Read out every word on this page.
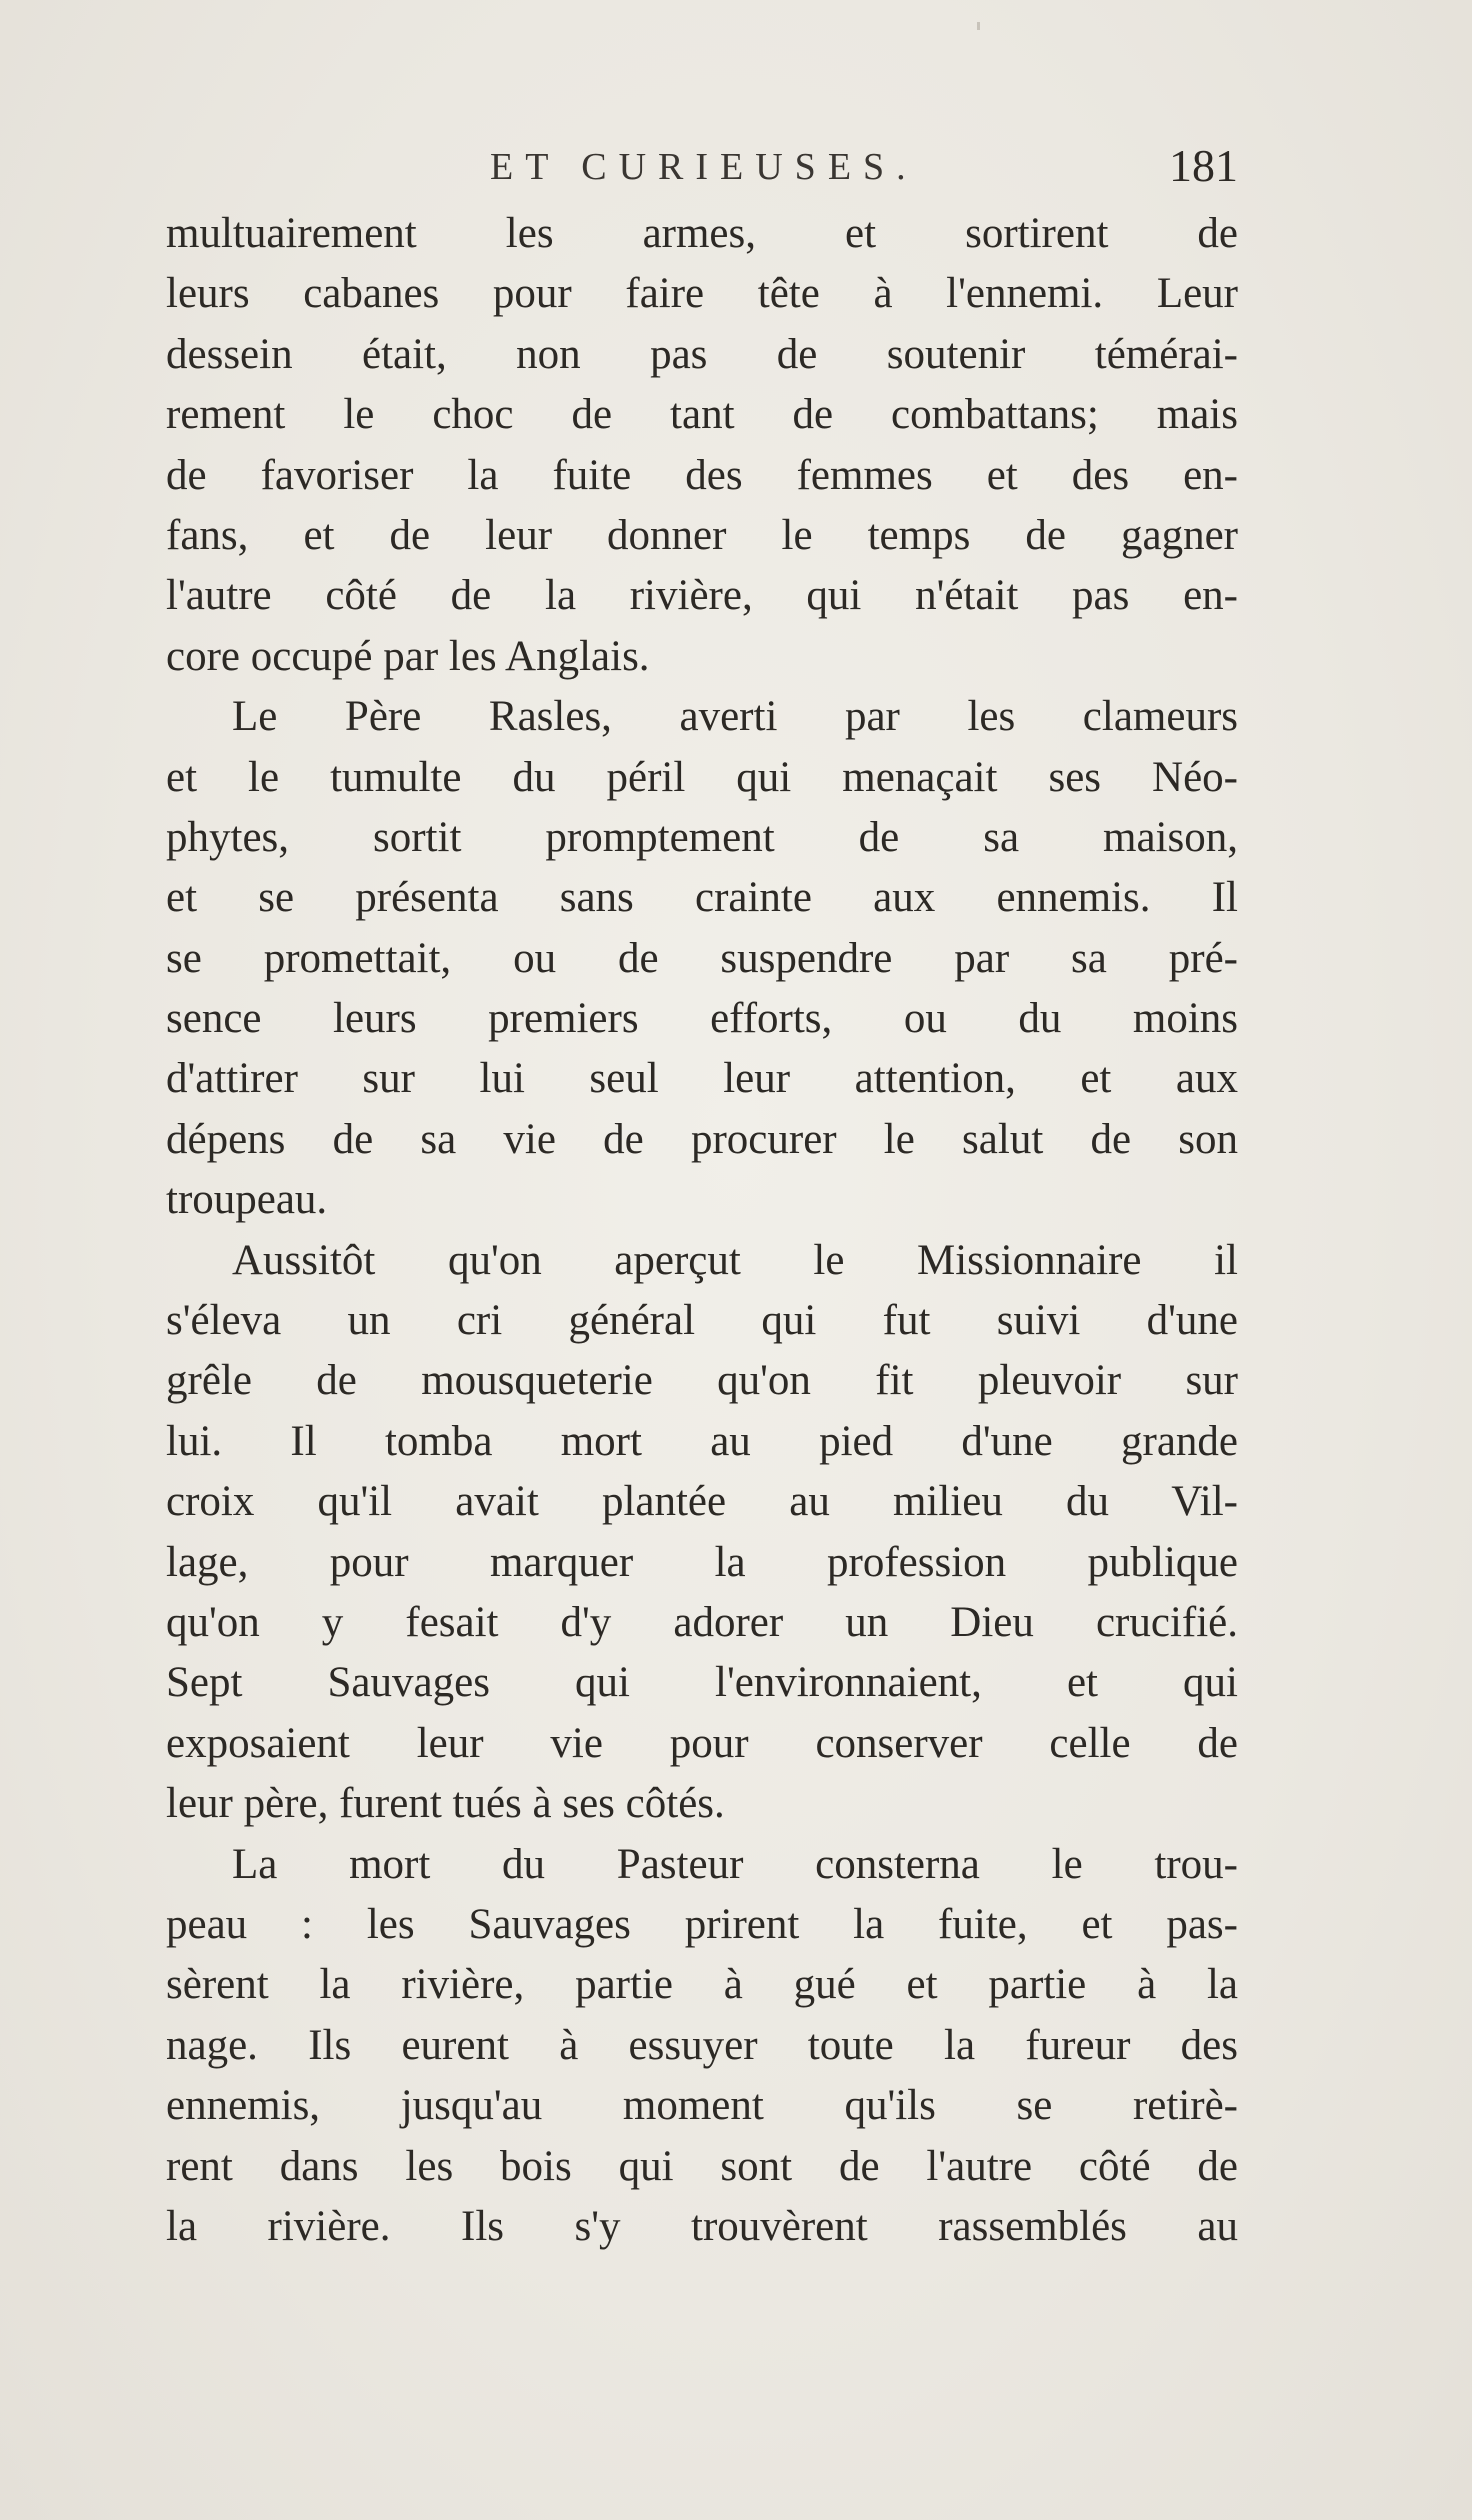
ET CURIEUSES.	181
multuairement les armes, et sortirent de
leurs cabanes pour faire tête à l'ennemi. Leur
dessein était, non pas de soutenir témérai-
rement le choc de tant de combattans; mais
de favoriser la fuite des femmes et des en-
fans, et de leur donner le temps de gagner
l'autre côté de la rivière, qui n'était pas en-
core occupé par les Anglais.
Le Père Rasles, averti par les clameurs
et le tumulte du péril qui menaçait ses Néo-
phytes, sortit promptement de sa maison,
et se présenta sans crainte aux ennemis. Il
se promettait, ou de suspendre par sa pré-
sence leurs premiers efforts, ou du moins
d'attirer sur lui seul leur attention, et aux
dépens de sa vie de procurer le salut de son
troupeau.
Aussitôt qu'on aperçut le Missionnaire il
s'éleva un cri général qui fut suivi d'une
grêle de mousqueterie qu'on fit pleuvoir sur
lui. Il tomba mort au pied d'une grande
croix qu'il avait plantée au milieu du Vil-
lage, pour marquer la profession publique
qu'on y fesait d'y adorer un Dieu crucifié.
Sept Sauvages qui l'environnaient, et qui
exposaient leur vie pour conserver celle de
leur père, furent tués à ses côtés.
La mort du Pasteur consterna le trou-
peau : les Sauvages prirent la fuite, et pas-
sèrent la rivière, partie à gué et partie à la
nage. Ils eurent à essuyer toute la fureur des
ennemis, jusqu'au moment qu'ils se retirè-
rent dans les bois qui sont de l'autre côté de
la rivière. Ils s'y trouvèrent rassemblés au
